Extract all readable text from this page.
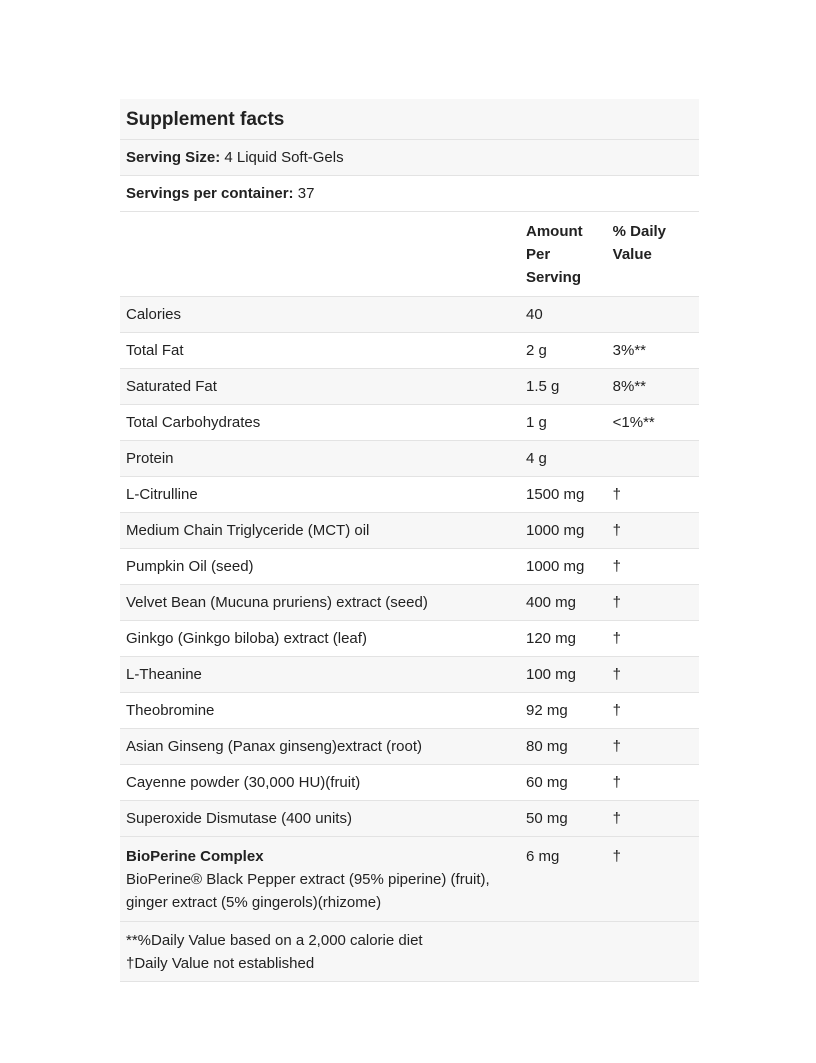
Supplement facts		
Serving Size: 4 Liquid Soft-Gels		
Servings per container: 37		
	Amount Per Serving	% Daily Value
Calories	40	
Total Fat	2 g	3%**
Saturated Fat	1.5 g	8%**
Total Carbohydrates	1 g	<1%**
Protein	4 g	
L-Citrulline	1500 mg	†
Medium Chain Triglyceride (MCT) oil	1000 mg	†
Pumpkin Oil (seed)	1000 mg	†
Velvet Bean (Mucuna pruriens) extract (seed)	400 mg	†
Ginkgo (Ginkgo biloba) extract (leaf)	120 mg	†
L-Theanine	100 mg	†
Theobromine	92 mg	†
Asian Ginseng (Panax ginseng)extract (root)	80 mg	†
Cayenne powder (30,000 HU)(fruit)	60 mg	†
Superoxide Dismutase (400 units)	50 mg	†

BioPerine Complex
BioPerine® Black Pepper extract (95% piperine) (fruit), ginger extract (5% gingerols)(rhizome)	6 mg	†

**%Daily Value based on a 2,000 calorie diet
†Daily Value not established		
